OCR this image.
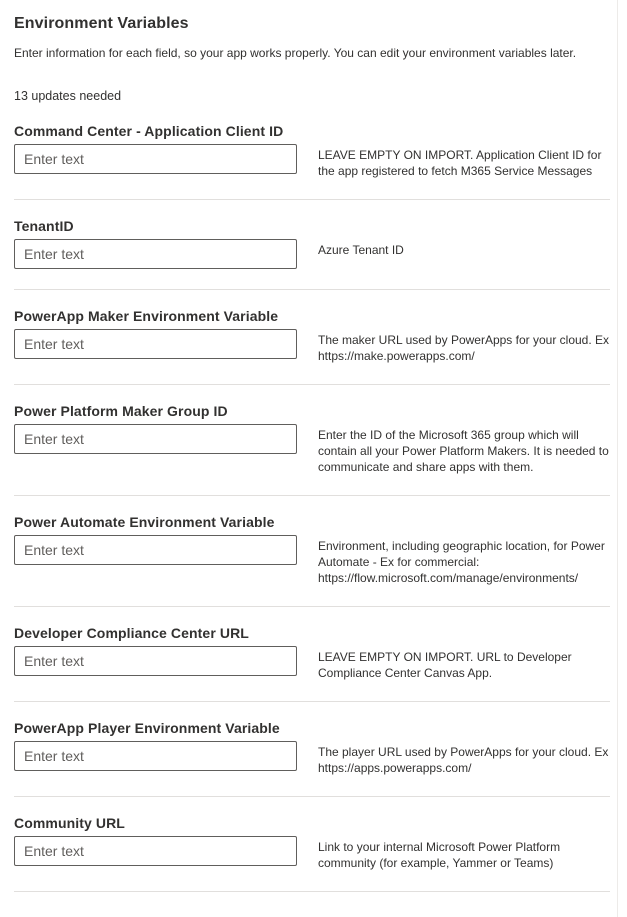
Environment Variables

Enter information for each field, so your app works properly. You can edit your environment variables later.

13 updates needed

Command Center - Application Client ID
Enter text
LEAVE EMPTY ON IMPORT. Application Client ID for the app registered to fetch M365 Service Messages
TenantID
Enter text
Azure Tenant ID
PowerApp Maker Environment Variable
Enter text
The maker URL used by PowerApps for your cloud. Ex https://make.powerapps.com/
Power Platform Maker Group ID
Enter text
Enter the ID of the Microsoft 365 group which will contain all your Power Platform Makers. It is needed to communicate and share apps with them.
Power Automate Environment Variable
Enter text
Environment, including geographic location, for Power Automate - Ex for commercial: https://flow.microsoft.com/manage/environments/
Developer Compliance Center URL
Enter text
LEAVE EMPTY ON IMPORT. URL to Developer Compliance Center Canvas App.
PowerApp Player Environment Variable
Enter text
The player URL used by PowerApps for your cloud. Ex https://apps.powerapps.com/
Community URL
Enter text
Link to your internal Microsoft Power Platform community (for example, Yammer or Teams)
